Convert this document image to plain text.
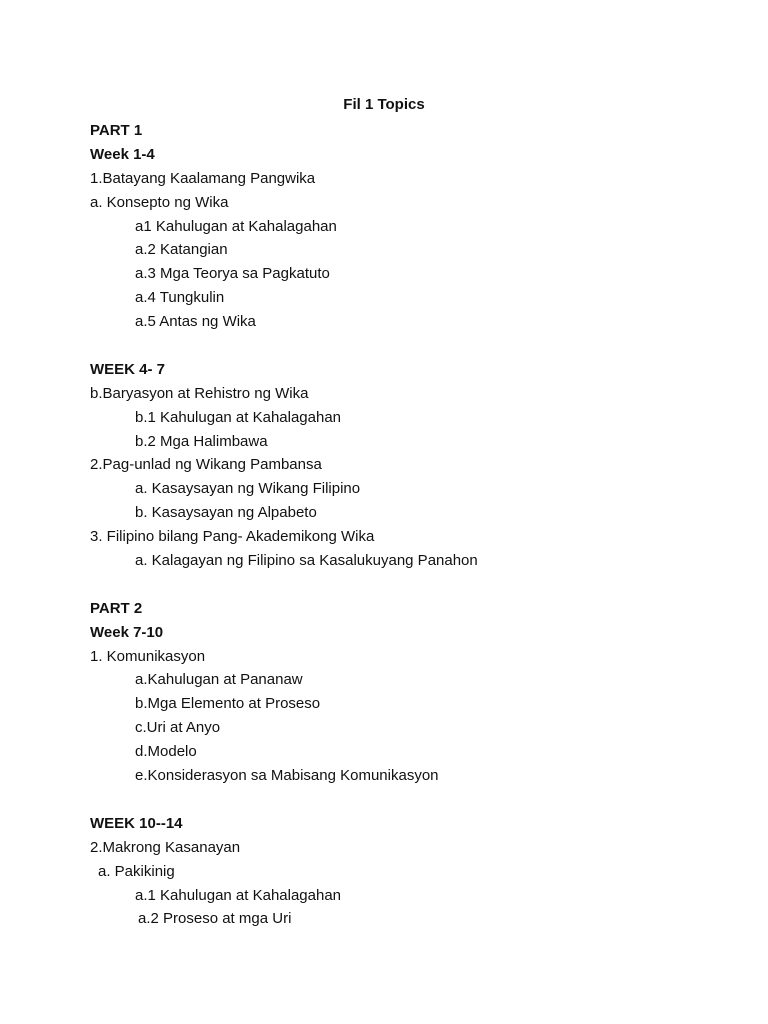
Fil 1 Topics
PART 1
Week 1-4
1.Batayang Kaalamang Pangwika
a. Konsepto ng Wika
a1 Kahulugan at Kahalagahan
a.2 Katangian
a.3 Mga Teorya sa Pagkatuto
a.4 Tungkulin
a.5 Antas ng Wika
WEEK 4- 7
b.Baryasyon at Rehistro ng Wika
b.1 Kahulugan at Kahalagahan
b.2 Mga Halimbawa
2.Pag-unlad ng Wikang Pambansa
a. Kasaysayan ng Wikang Filipino
b. Kasaysayan ng Alpabeto
3. Filipino bilang Pang- Akademikong Wika
a. Kalagayan ng Filipino sa Kasalukuyang Panahon
PART 2
Week 7-10
1. Komunikasyon
a.Kahulugan at Pananaw
b.Mga Elemento at Proseso
c.Uri at Anyo
d.Modelo
e.Konsiderasyon sa Mabisang Komunikasyon
WEEK 10--14
2.Makrong Kasanayan
a. Pakikinig
a.1 Kahulugan at Kahalagahan
a.2 Proseso at mga Uri
